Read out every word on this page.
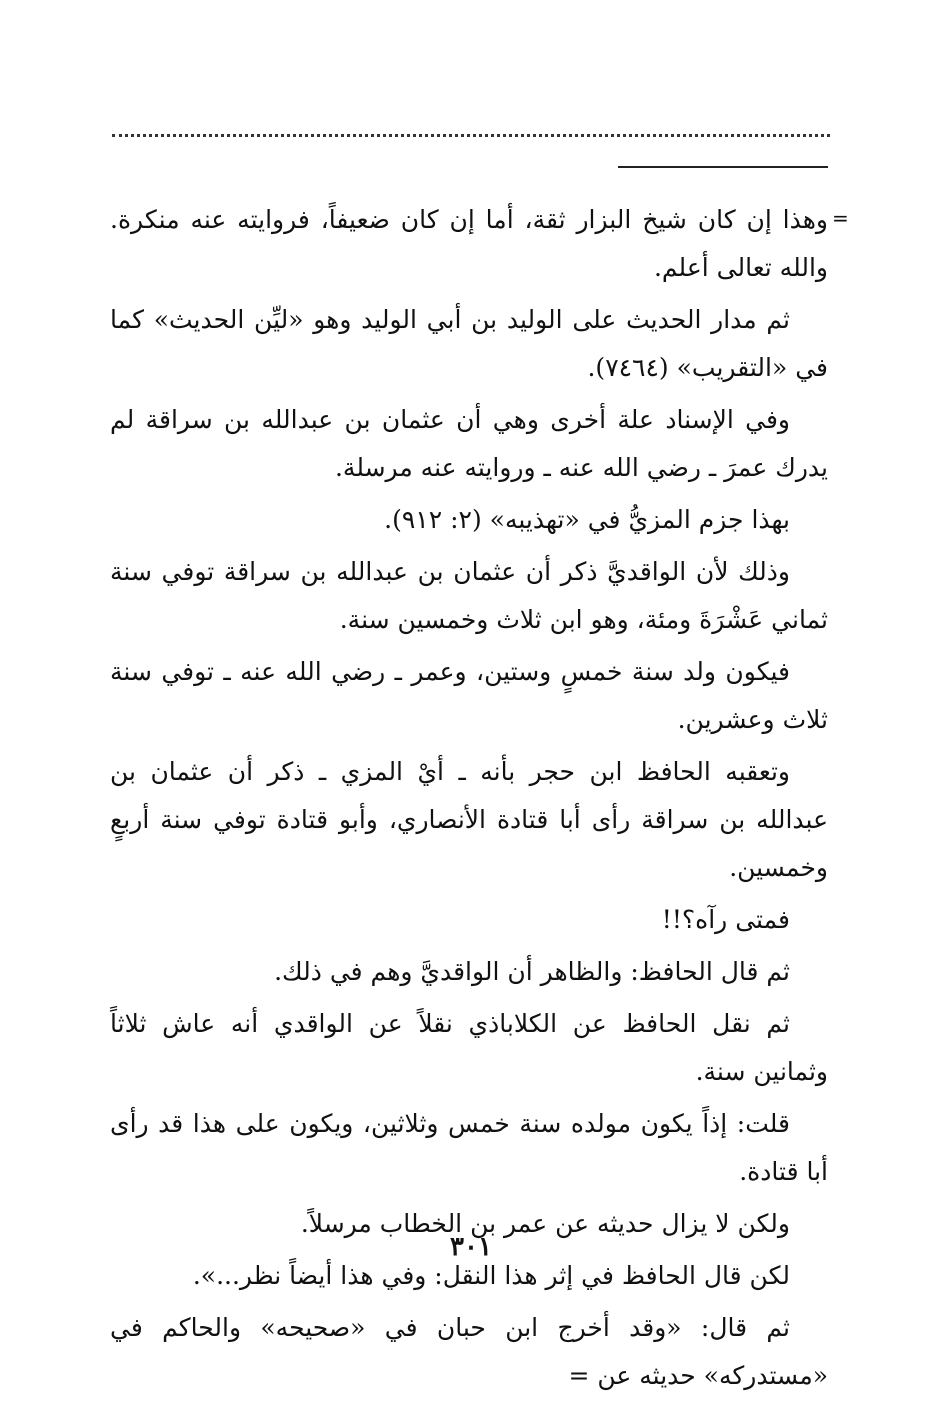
=

وهذا إن كان شيخ البزار ثقة، أما إن كان ضعيفاً، فروايته عنه منكرة. والله تعالى أعلم.

ثم مدار الحديث على الوليد بن أبي الوليد وهو «ليِّن الحديث» كما في «التقريب» (٧٤٦٤).

وفي الإسناد علة أخرى وهي أن عثمان بن عبدالله بن سراقة لم يدرك عمرَ ـ رضي الله عنه ـ وروايته عنه مرسلة.

بهذا جزم المزيُّ في «تهذيبه» (٢: ٩١٢).

وذلك لأن الواقديَّ ذكر أن عثمان بن عبدالله بن سراقة توفي سنة ثماني عَشْرَةَ ومئة، وهو ابن ثلاث وخمسين سنة.

فيكون ولد سنة خمسٍ وستين، وعمر ـ رضي الله عنه ـ توفي سنة ثلاث وعشرين.

وتعقبه الحافظ ابن حجر بأنه ـ أيْ المزي ـ ذكر أن عثمان بن عبدالله بن سراقة رأى أبا قتادة الأنصاري، وأبو قتادة توفي سنة أربعٍ وخمسين.

فمتى رآه؟!!

ثم قال الحافظ: والظاهر أن الواقديَّ وهم في ذلك.

ثم نقل الحافظ عن الكلاباذي نقلاً عن الواقدي أنه عاش ثلاثاً وثمانين سنة.

قلت: إذاً يكون مولده سنة خمس وثلاثين، ويكون على هذا قد رأى أبا قتادة.

ولكن لا يزال حديثه عن عمر بن الخطاب مرسلاً.

لكن قال الحافظ في إثر هذا النقل: وفي هذا أيضاً نظر...».

ثم قال: «وقد أخرج ابن حبان في «صحيحه» والحاكم في «مستدركه» حديثه عن =

٣٠١
